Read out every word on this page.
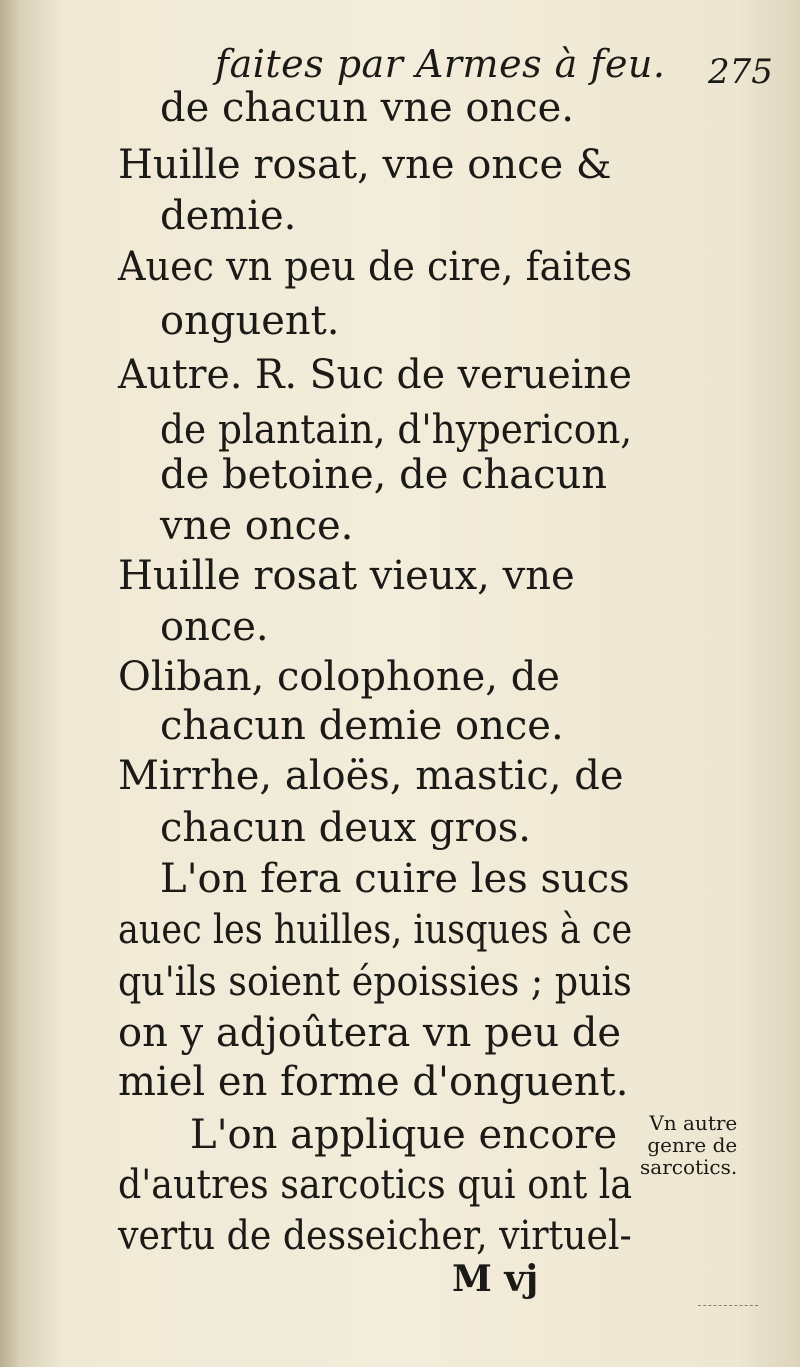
faites par Armes à feu. 275
de chacun vne once.
Huille rosat, vne once &
demie.
Auec vn peu de cire, faites
onguent.
Autre. R. Suc de verueine
de plantain, d'hypericon,
de betoine, de chacun
vne once.
Huille rosat vieux, vne
once.
Oliban, colophone, de
chacun demie once.
Mirrhe, aloës, mastic, de
chacun deux gros.
L'on fera cuire les sucs
auec les huilles, iusques à ce
qu'ils soient époissies ; puis
on y adjoûtera vn peu de
miel en forme d'onguent.
L'on applique encore
d'autres sarcotics qui ont la
vertu de desseicher, virtuel-
Vn autre
genre de
sarcotics.
M vj
